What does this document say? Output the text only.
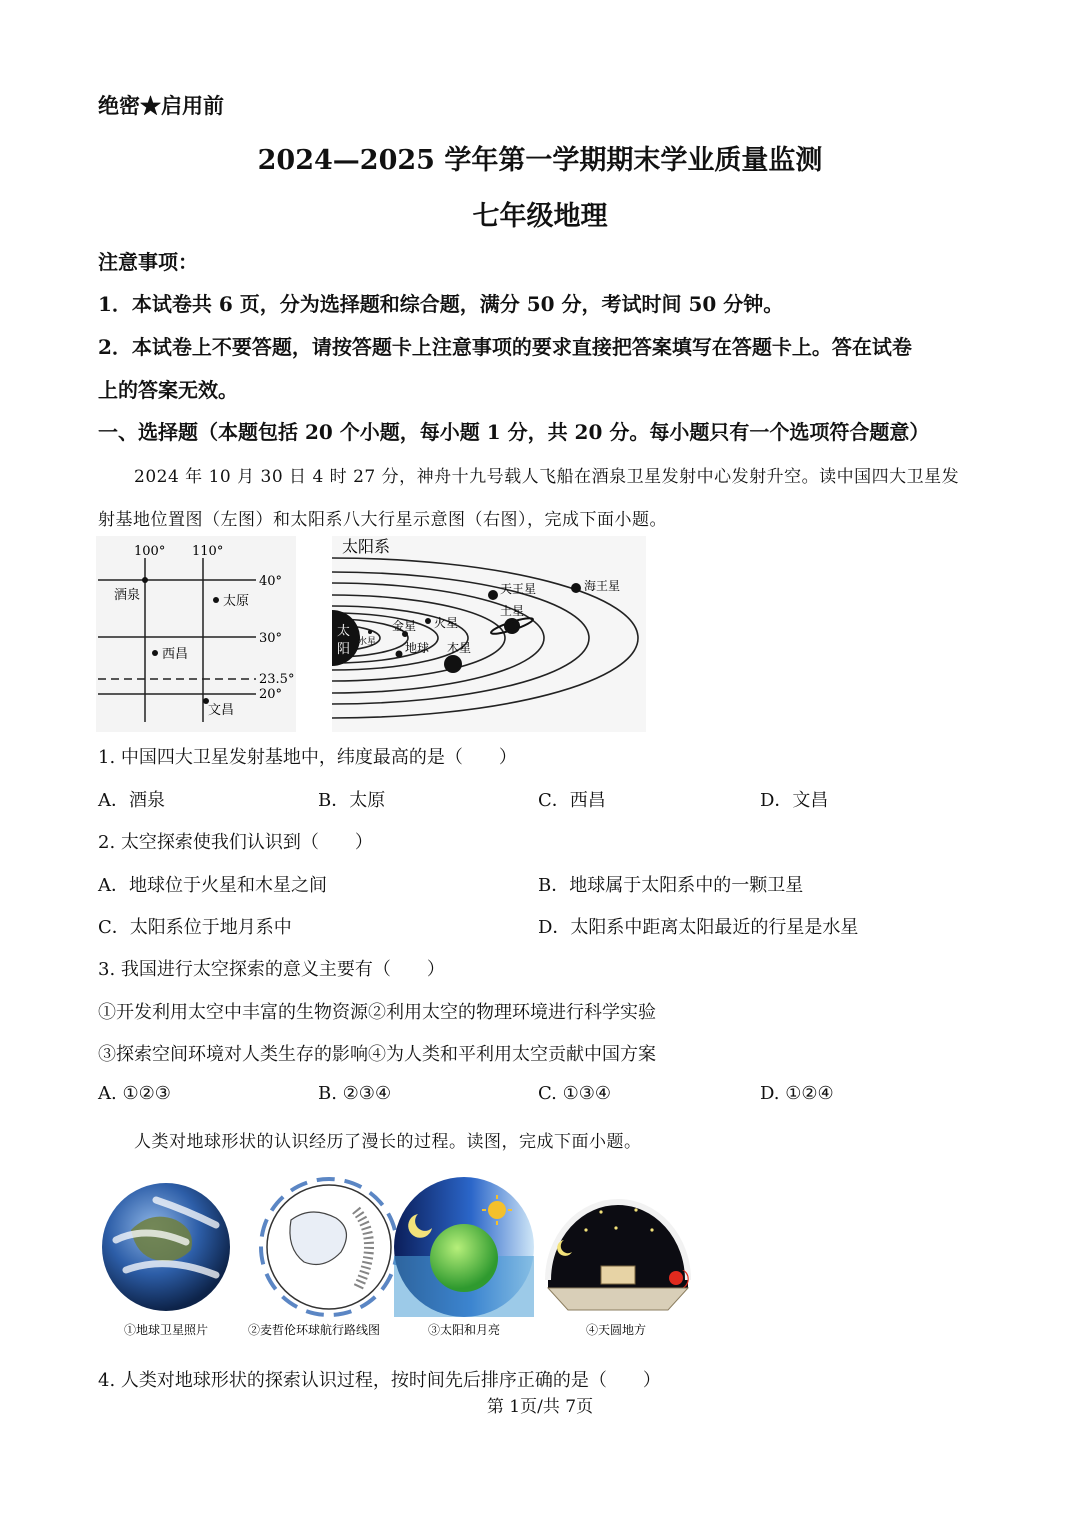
绝密★启用前
2024—2025 学年第一学期期末学业质量监测
七年级地理
注意事项：
1．本试卷共 6 页，分为选择题和综合题，满分 50 分，考试时间 50 分钟。
2．本试卷上不要答题，请按答题卡上注意事项的要求直接把答案填写在答题卡上。答在试卷
上的答案无效。
一、选择题（本题包括 20 个小题，每小题 1 分，共 20 分。每小题只有一个选项符合题意）
2024 年 10 月 30 日 4 时 27 分，神舟十九号载人飞船在酒泉卫星发射中心发射升空。读中国四大卫星发
射基地位置图（左图）和太阳系八大行星示意图（右图），完成下面小题。
100° 110°
40°
30°
23.5°
20°
酒泉	太原
西昌
文昌
太阳系
太
阳 水星
金星 火星
地球 木星
土星
天王星	海王星
1. 中国四大卫星发射基地中，纬度最高的是（　　）
A．酒泉	B．太原	C．西昌	D．文昌
2. 太空探索使我们认识到（　　）
A．地球位于火星和木星之间	B．地球属于太阳系中的一颗卫星
C．太阳系位于地月系中	D．太阳系中距离太阳最近的行星是水星
3. 我国进行太空探索的意义主要有（　　）
①开发利用太空中丰富的生物资源②利用太空的物理环境进行科学实验
③探索空间环境对人类生存的影响④为人类和平利用太空贡献中国方案
A. ①②③	B. ②③④	C. ①③④	D. ①②④
人类对地球形状的认识经历了漫长的过程。读图，完成下面小题。
①地球卫星照片	②麦哲伦环球航行路线图	③太阳和月亮	④天圆地方
4. 人类对地球形状的探索认识过程，按时间先后排序正确的是（　　）
第 1页/共 7页
